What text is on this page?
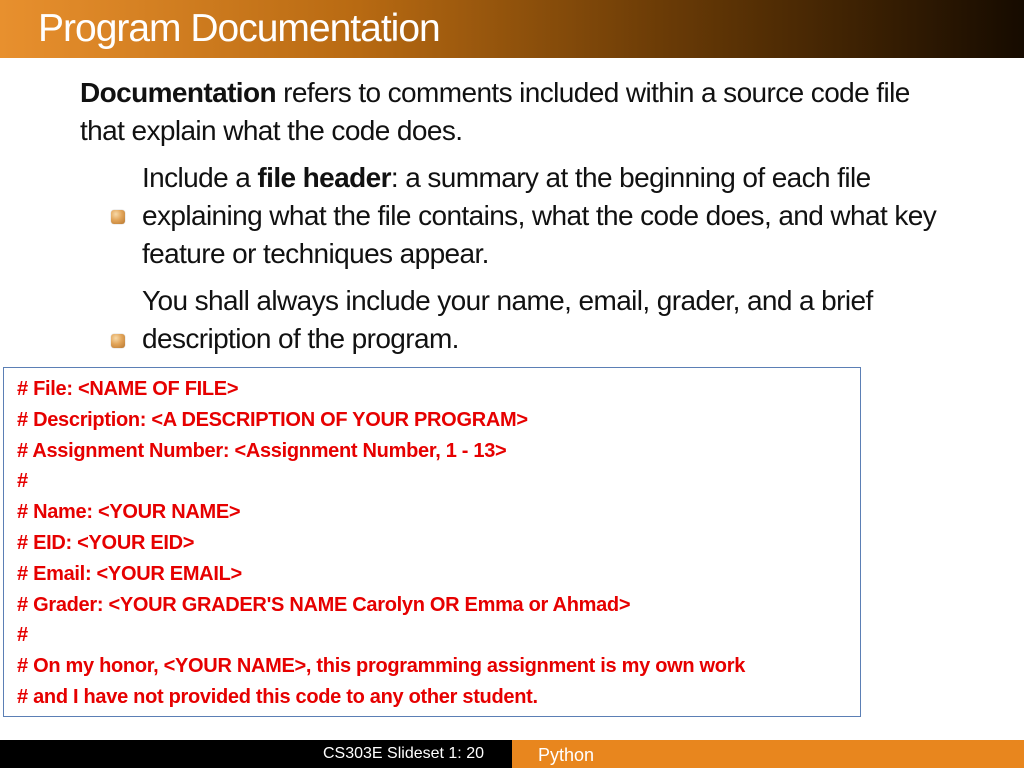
Program Documentation
Documentation refers to comments included within a source code file that explain what the code does.
Include a file header: a summary at the beginning of each file explaining what the file contains, what the code does, and what key feature or techniques appear.
You shall always include your name, email, grader, and a brief description of the program.
# File: <NAME OF FILE>
# Description: <A DESCRIPTION OF YOUR PROGRAM>
# Assignment Number: <Assignment Number, 1 - 13>
#
# Name: <YOUR NAME>
# EID: <YOUR EID>
# Email: <YOUR EMAIL>
# Grader: <YOUR GRADER'S NAME Carolyn OR Emma or Ahmad>
#
# On my honor, <YOUR NAME>, this programming assignment is my own work
# and I have not provided this code to any other student.
CS303E Slideset 1: 20	Python
